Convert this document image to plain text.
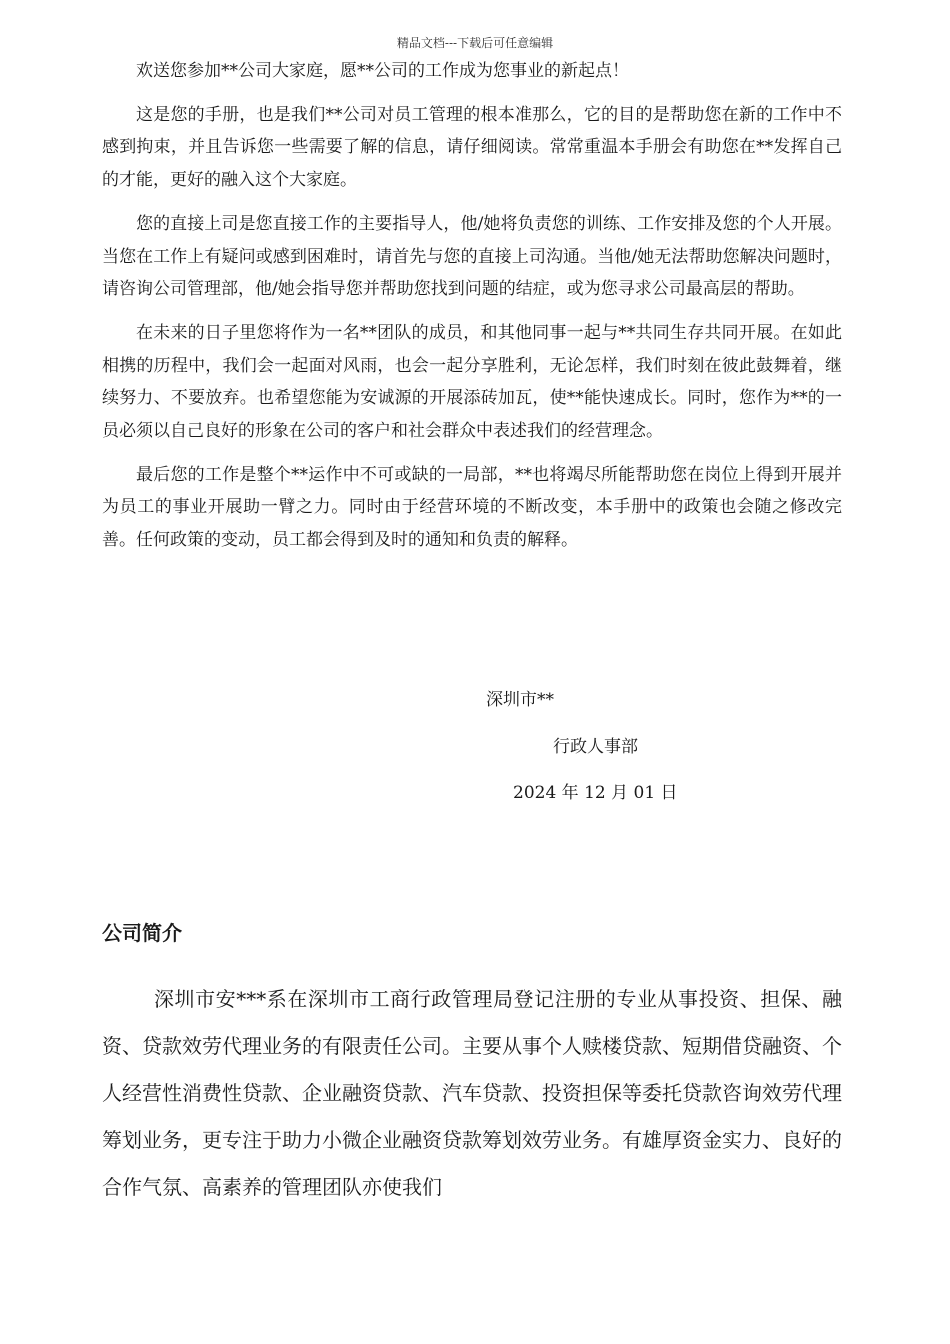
精品文档---下载后可任意编辑

欢送您参加**公司大家庭，愿**公司的工作成为您事业的新起点！

这是您的手册，也是我们**公司对员工管理的根本准那么，它的目的是帮助您在新的工作中不感到拘束，并且告诉您一些需要了解的信息，请仔细阅读。常常重温本手册会有助您在**发挥自己的才能，更好的融入这个大家庭。

您的直接上司是您直接工作的主要指导人，他/她将负责您的训练、工作安排及您的个人开展。当您在工作上有疑问或感到困难时，请首先与您的直接上司沟通。当他/她无法帮助您解决问题时，请咨询公司管理部，他/她会指导您并帮助您找到问题的结症，或为您寻求公司最高层的帮助。

在未来的日子里您将作为一名**团队的成员，和其他同事一起与**共同生存共同开展。在如此相携的历程中，我们会一起面对风雨，也会一起分享胜利，无论怎样，我们时刻在彼此鼓舞着，继续努力、不要放弃。也希望您能为安诚源的开展添砖加瓦，使**能快速成长。同时，您作为**的一员必须以自己良好的形象在公司的客户和社会群众中表述我们的经营理念。

最后您的工作是整个**运作中不可或缺的一局部，**也将竭尽所能帮助您在岗位上得到开展并为员工的事业开展助一臂之力。同时由于经营环境的不断改变，本手册中的政策也会随之修改完善。任何政策的变动，员工都会得到及时的通知和负责的解释。

深圳市**
行政人事部
2024 年 12 月 01 日
公司简介

深圳市安***系在深圳市工商行政管理局登记注册的专业从事投资、担保、融资、贷款效劳代理业务的有限责任公司。主要从事个人赎楼贷款、短期借贷融资、个人经营性消费性贷款、企业融资贷款、汽车贷款、投资担保等委托贷款咨询效劳代理筹划业务，更专注于助力小微企业融资贷款筹划效劳业务。有雄厚资金实力、良好的合作气氛、高素养的管理团队亦使我们
